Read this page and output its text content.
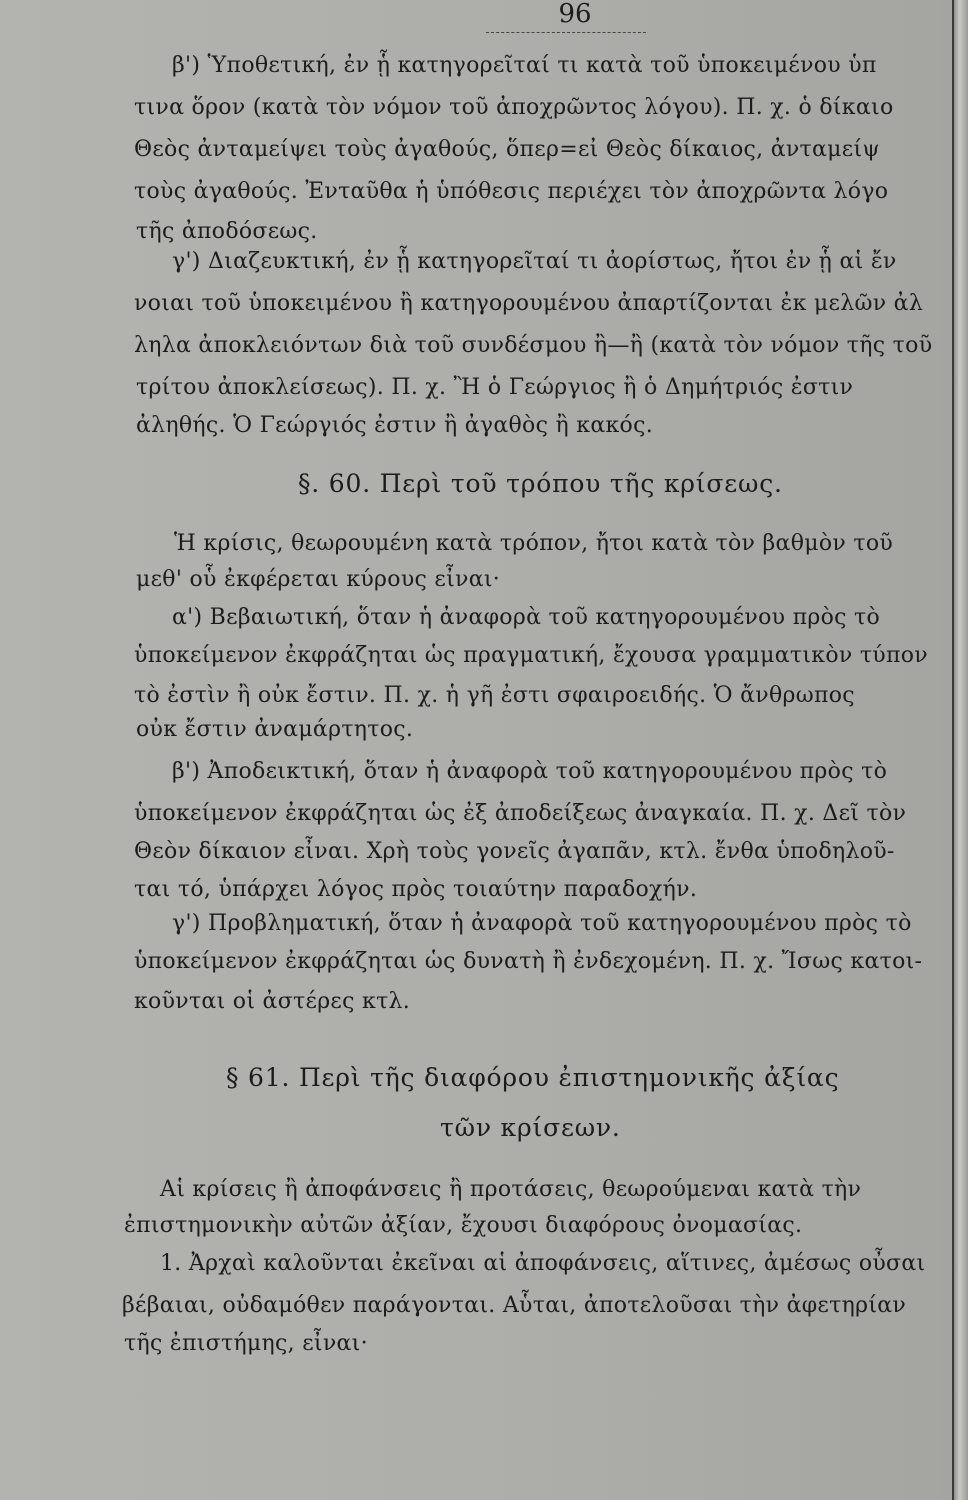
96
β') Ὑποθετική, ἐν ᾗ κατηγορεῖταί τι κατὰ τοῦ ὑποκειμένου ὑπ
τινα ὅρον (κατὰ τὸν νόμον τοῦ ἀποχρῶντος λόγου). Π. χ. ὁ δίκαιο
Θεὸς ἀνταμείψει τοὺς ἀγαθούς, ὅπερ=εἰ Θεὸς δίκαιος, ἀνταμείψ
τοὺς ἀγαθούς. Ἐνταῦθα ἡ ὑπόθεσις περιέχει τὸν ἀποχρῶντα λόγο
τῆς ἀποδόσεως.
γ') Διαζευκτική, ἐν ᾗ κατηγορεῖταί τι ἀορίστως, ἤτοι ἐν ᾗ αἱ ἔν
νοιαι τοῦ ὑποκειμένου ἢ κατηγορουμένου ἀπαρτίζονται ἐκ μελῶν ἀλ
ληλα ἀποκλειόντων διὰ τοῦ συνδέσμου ἢ—ἢ (κατὰ τὸν νόμον τῆς τοῦ
τρίτου ἀποκλείσεως). Π. χ. Ἢ ὁ Γεώργιος ἢ ὁ Δημήτριός ἐστιν
ἀληθής. Ὁ Γεώργιός ἐστιν ἢ ἀγαθὸς ἢ κακός.
§. 60. Περὶ τοῦ τρόπου τῆς κρίσεως.
Ἡ κρίσις, θεωρουμένη κατὰ τρόπον, ἤτοι κατὰ τὸν βαθμὸν τοῦ
μεθ' οὗ ἐκφέρεται κύρους εἶναι·
α') Βεβαιωτική, ὅταν ἡ ἀναφορὰ τοῦ κατηγορουμένου πρὸς τὸ
ὑποκείμενον ἐκφράζηται ὡς πραγματική, ἔχουσα γραμματικὸν τύπον
τὸ ἐστὶν ἢ οὐκ ἔστιν. Π. χ. ἡ γῆ ἐστι σφαιροειδής. Ὁ ἄνθρωπος
οὐκ ἔστιν ἀναμάρτητος.
β') Ἀποδεικτική, ὅταν ἡ ἀναφορὰ τοῦ κατηγορουμένου πρὸς τὸ
ὑποκείμενον ἐκφράζηται ὡς ἐξ ἀποδείξεως ἀναγκαία. Π. χ. Δεῖ τὸν
Θεὸν δίκαιον εἶναι. Χρὴ τοὺς γονεῖς ἀγαπᾶν, κτλ. ἔνθα ὑποδηλοῦ-
ται τό, ὑπάρχει λόγος πρὸς τοιαύτην παραδοχήν.
γ') Προβληματική, ὅταν ἡ ἀναφορὰ τοῦ κατηγορουμένου πρὸς τὸ
ὑποκείμενον ἐκφράζηται ὡς δυνατὴ ἢ ἐνδεχομένη. Π. χ. Ἴσως κατοι-
κοῦνται οἱ ἀστέρες κτλ.
§ 61. Περὶ τῆς διαφόρου ἐπιστημονικῆς ἀξίας
τῶν κρίσεων.
Αἱ κρίσεις ἢ ἀποφάνσεις ἢ προτάσεις, θεωρούμεναι κατὰ τὴν
ἐπιστημονικὴν αὐτῶν ἀξίαν, ἔχουσι διαφόρους ὀνομασίας.
1. Ἀρχαὶ καλοῦνται ἐκεῖναι αἱ ἀποφάνσεις, αἵτινες, ἀμέσως οὖσαι
βέβαιαι, οὐδαμόθεν παράγονται. Αὗται, ἀποτελοῦσαι τὴν ἀφετηρίαν
τῆς ἐπιστήμης, εἶναι·
